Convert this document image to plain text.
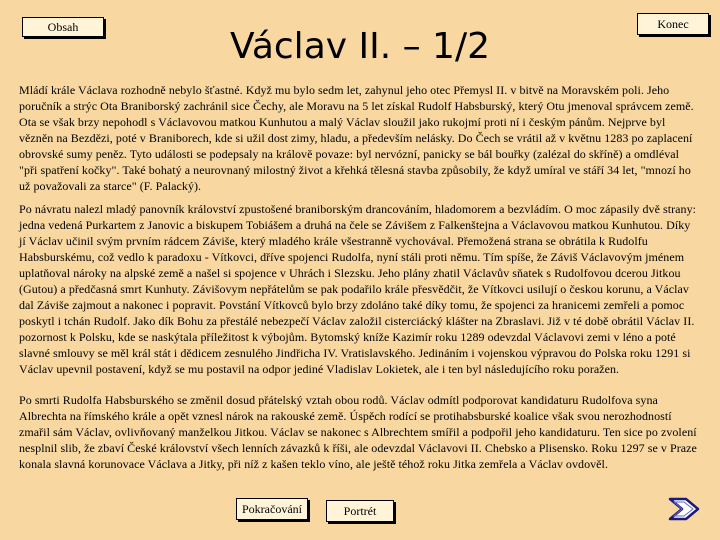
Obsah	Konec
Václav II. – 1/2

Mládí krále Václava rozhodně nebylo šťastné. Když mu bylo sedm let, zahynul jeho otec Přemysl II. v bitvě na Moravském poli. Jeho poručník a strýc Ota Braniborský zachránil sice Čechy, ale Moravu na 5 let získal Rudolf Habsburský, který Otu jmenoval správcem země. Ota se však brzy nepohodl s Václavovou matkou Kunhutou a malý Václav sloužil jako rukojmí proti ní i českým pánům. Nejprve byl vězněn na Bezdězi, poté v Braniborech, kde si užil dost zimy, hladu, a především nelásky. Do Čech se vrátil až v květnu 1283 po zaplacení obrovské sumy peněz. Tyto události se podepsaly na královĕ povaze: byl nervózní, panicky se bál bouřky (zalézal do skříně) a omdléval "při spatření kočky". Také bohatý a neurovnaný milostný život a křehká tělesná stavba způsobily, že když umíral ve stáří 34 let, "mnozí ho už považovali za starce" (F. Palacký).

Po návratu nalezl mladý panovník království zpustošené braniborským drancováním, hladomorem a bezvládím. O moc zápasily dvě strany: jedna vedená Purkartem z Janovic a biskupem Tobiášem a druhá na čele se Závišem z Falkenštejna a Václavovou matkou Kunhutou. Díky jí Václav učinil svým prvním rádcem Záviše, který mladého krále všestranně vychovával. Přemožená strana se obrátila k Rudolfu Habsburskému, což vedlo k paradoxu - Vítkovci, dříve spojenci Rudolfa, nyní stáli proti němu. Tím spíše, že Záviš Václavovým jménem uplatňoval nároky na alpské země a našel si spojence v Uhrách i Slezsku. Jeho plány zhatil Václavův sňatek s Rudolfovou dcerou Jitkou (Gutou) a předčasná smrt Kunhuty. Závišovym nepřátelům se pak podařilo krále přesvědčit, že Vítkovci usilují o českou korunu, a Václav dal Záviše zajmout a nakonec i popravit. Povstání Vítkovců bylo brzy zdolánо také díky tomu, že spojenci za hranicemi zemřeli a pomoc poskytl i tchán Rudolf. Jako dík Bohu za přestálé nebezpečí Václav založil cisterciácký klášter na Zbraslavi. Již v té době obrátil Václav II. pozornost k Polsku, kde se naskýtala příležitost k výbojům. Bytomský kníže Kazimír roku 1289 odevzdal Václavovi zemi v léno a poté slavné smlouvy se měl král stát i dědicem zesnulého Jindřicha IV. Vratislavského. Jedináním i vojenskou výpravou do Polska roku 1291 si Václav upevnil postavení, když se mu postavil na odpor jediné Vladislav Lokietek, ale i ten byl následujícího roku poražen.

Po smrti Rudolfa Habsburského se změnil dosud přátelský vztah obou rodů. Václav odmítl podporovat kandidaturu Rudolfova syna Albrechta na římského krále a opět vznesl nárok na rakouské země. Úspěch rodící se protihabsburské koalice však svou nerozhodností zmařil sám Václav, ovlivňovaný manželkou Jitkou. Václav se nakonec s Albrechtem smířil a podpořil jeho kandidaturu. Ten sice po zvolení nesplnil slib, že zbaví České království všech lenních závazků k říši, ale odevzdal Václavovi II. Chebsko a Plisensko. Roku 1297 se v Praze konala slavná korunovace Václava a Jitky, při níž z kašen teklo víno, ale ještě téhož roku Jitka zemřela a Václav ovdověl.

Pokračování	Portrét
